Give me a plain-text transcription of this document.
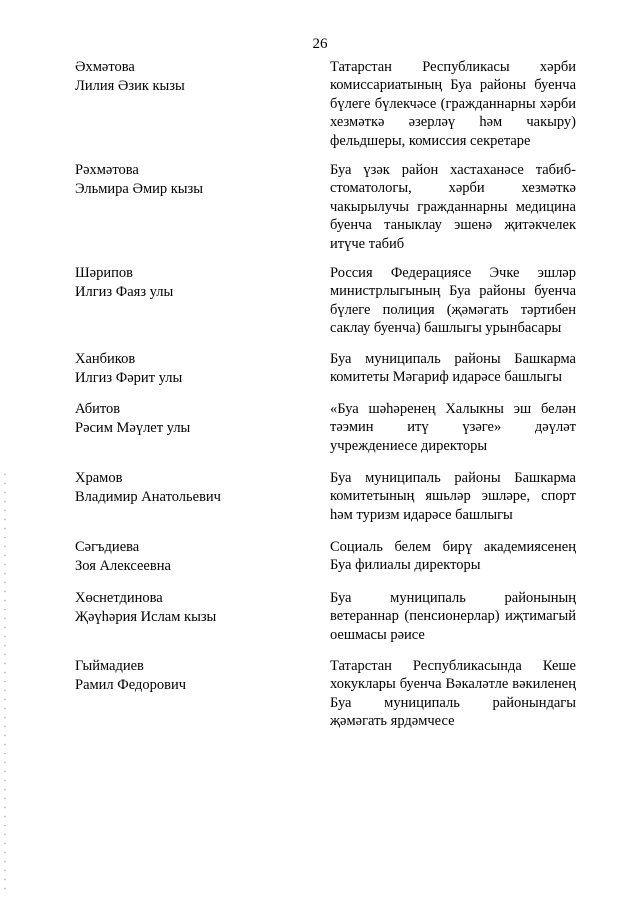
26
Әхмәтова
Лилия Әзик кызы
Татарстан Республикасы хәрби комиссариатының Буа районы буенча бүлеге бүлекчәсе (гражданнарны хәрби хезмәткә әзерләү һәм чакыру) фельдшеры, комиссия секретаре
Рәхмәтова
Эльмира Әмир кызы
Буа үзәк район хастаханәсе табиб-стоматологы, хәрби хезмәткә чакырылучы гражданнарны медицина буенча таныклау эшенә җитәкчелек итүче табиб
Шәрипов
Илгиз Фаяз улы
Россия Федерациясе Эчке эшләр министрлыгының Буа районы буенча бүлеге полиция (җәмәгать тәртибен саклау буенча) башлыгы урынбасары
Ханбиков
Илгиз Фәрит улы
Буа муниципаль районы Башкарма комитеты Мәгариф идарәсе башлыгы
Абитов
Рәсим Мәүлет улы
«Буа шәһәренең Халыкны эш белән тәэмин итү үзәге» дәүләт учреждениесе директоры
Храмов
Владимир Анатольевич
Буа муниципаль районы Башкарма комитетының яшьләр эшләре, спорт һәм туризм идарәсе башлыгы
Сәгъдиева
Зоя Алексеевна
Социаль белем бирү академиясенең Буа филиалы директоры
Хөснетдинова
Җәүһәрия Ислам кызы
Буа муниципаль районының ветераннар (пенсионерлар) иҗтимагый оешмасы рәисе
Гыймадиев
Рамил Федорович
Татарстан Республикасында Кеше хокуклары буенча Вәкаләтле вәкиленең Буа муниципаль районындагы җәмәгать ярдәмчесе
